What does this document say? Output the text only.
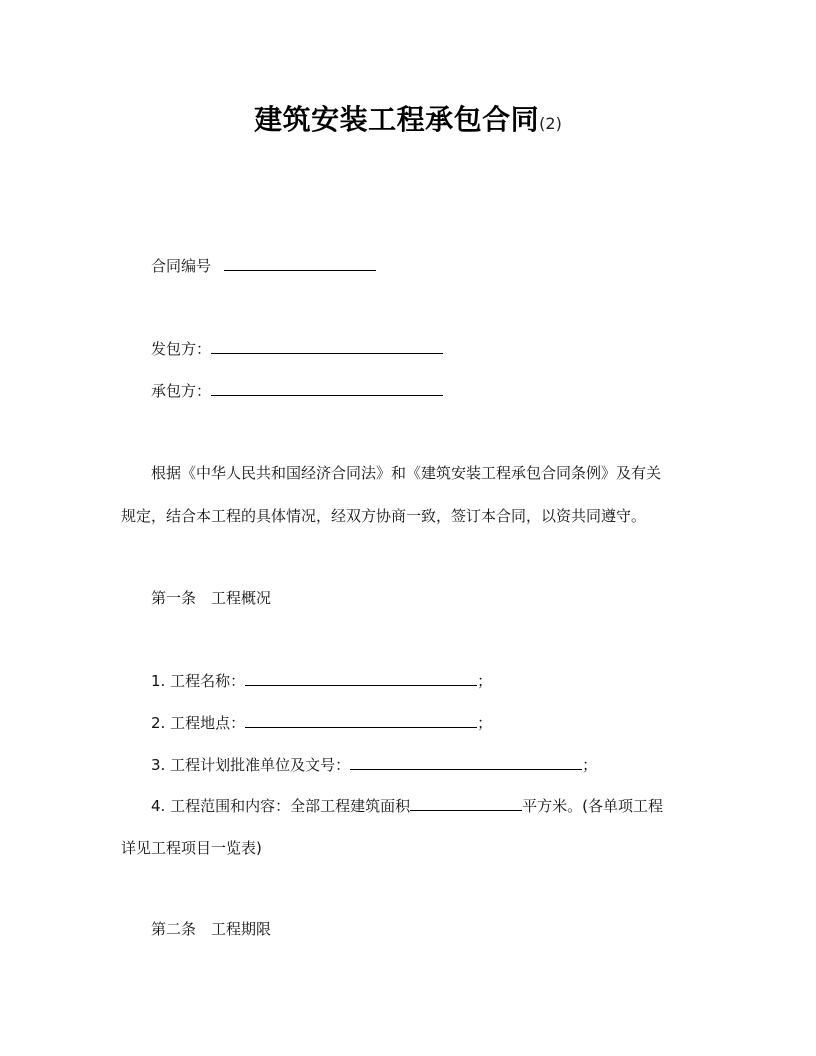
建筑安装工程承包合同(2)
合同编号
发包方：
承包方：
根据《中华人民共和国经济合同法》和《建筑安装工程承包合同条例》及有关
规定，结合本工程的具体情况，经双方协商一致，签订本合同，以资共同遵守。
第一条　工程概况
1. 工程名称：	；
2. 工程地点：	；
3. 工程计划批准单位及文号：	；
4. 工程范围和内容：全部工程建筑面积	平方米。(各单项工程
详见工程项目一览表)
第二条　工程期限
